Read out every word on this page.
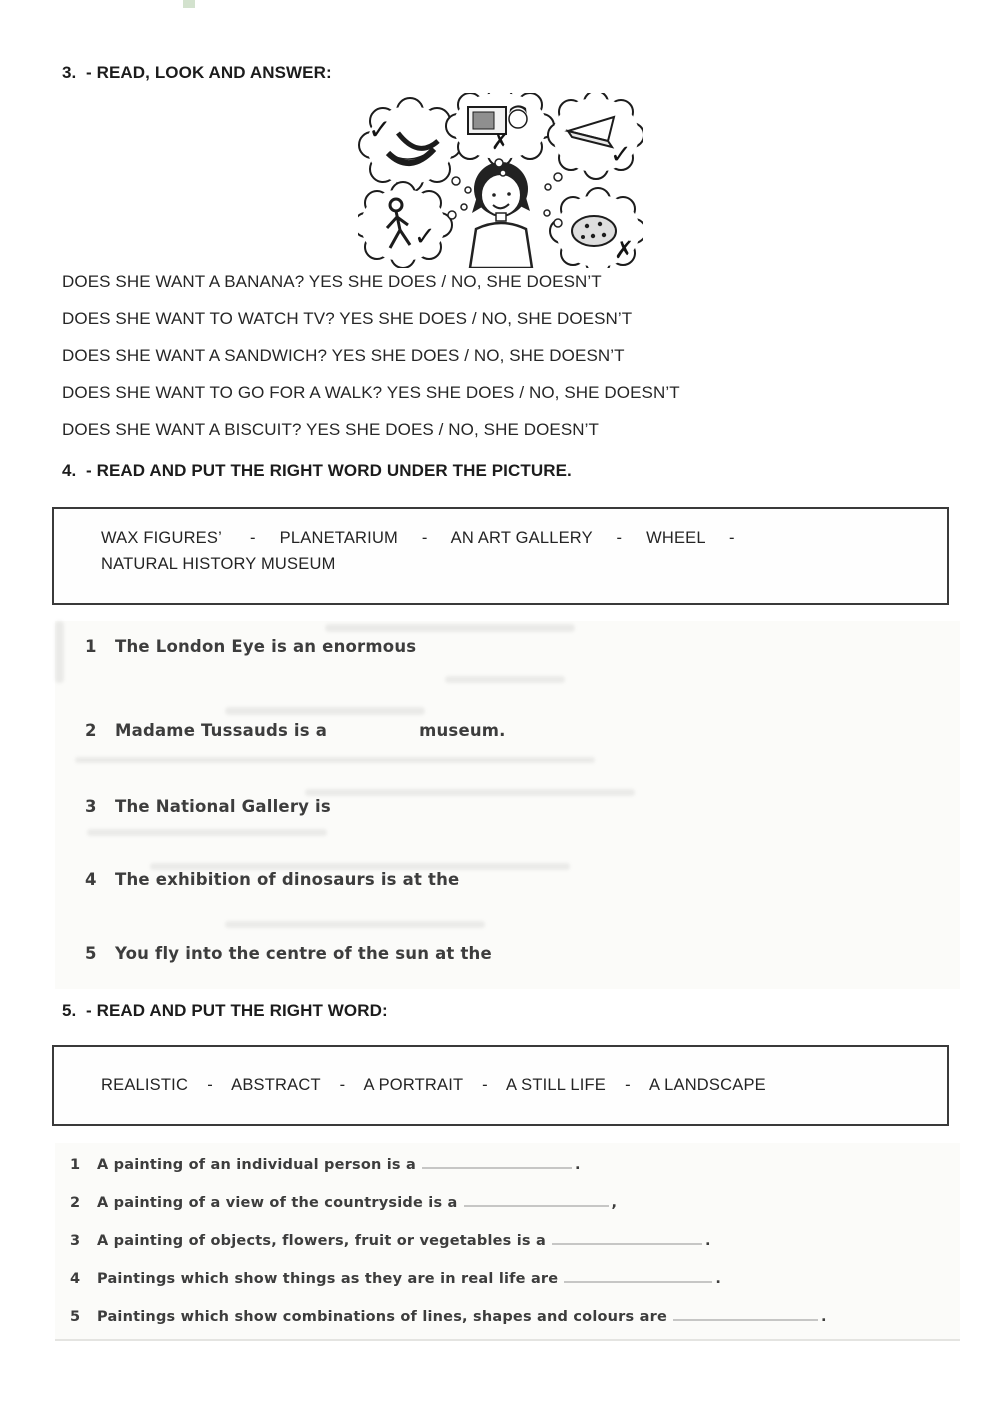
3.  - READ, LOOK AND ANSWER:
✓	✗	✓
✓	✗
DOES SHE WANT A BANANA? YES SHE DOES / NO, SHE DOESN’T
DOES SHE WANT TO WATCH TV? YES SHE DOES / NO, SHE DOESN’T
DOES SHE WANT A SANDWICH? YES SHE DOES / NO, SHE DOESN’T
DOES SHE WANT TO GO FOR A WALK? YES SHE DOES / NO, SHE DOESN’T
DOES SHE WANT A BISCUIT? YES SHE DOES / NO, SHE DOESN’T
4.  - READ AND PUT THE RIGHT WORD UNDER THE PICTURE.
WAX FIGURES’      -     PLANETARIUM     -     AN ART GALLERY     -     WHEEL     -
NATURAL HISTORY MUSEUM
1	The London Eye is an enormous
2	Madame Tussauds is a	museum.
3	The National Gallery is
4	The exhibition of dinosaurs is at the
5	You fly into the centre of the sun at the
5.  - READ AND PUT THE RIGHT WORD:
REALISTIC    -    ABSTRACT    -    A PORTRAIT    -    A STILL LIFE    -    A LANDSCAPE
1	A painting of an individual person is a	.
2	A painting of a view of the countryside is a	,
3	A painting of objects, flowers, fruit or vegetables is a	.
4	Paintings which show things as they are in real life are	.
5	Paintings which show combinations of lines, shapes and colours are	.
